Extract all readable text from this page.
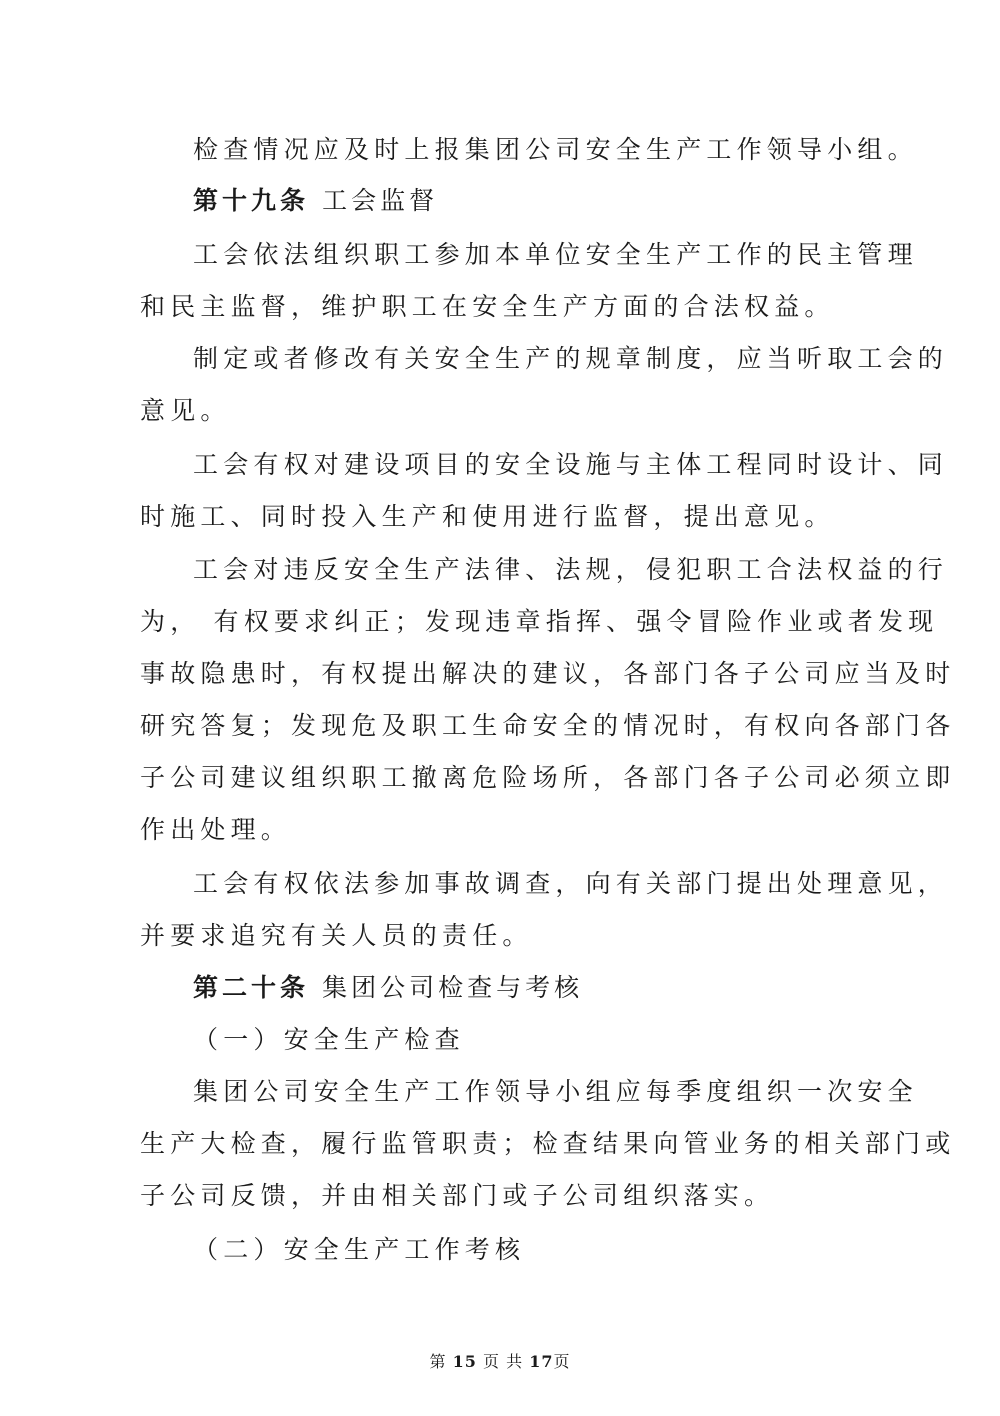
检查情况应及时上报集团公司安全生产工作领导小组。
第十九条 工会监督
工会依法组织职工参加本单位安全生产工作的民主管理
和民主监督，维护职工在安全生产方面的合法权益。
制定或者修改有关安全生产的规章制度，应当听取工会的
意见。
工会有权对建设项目的安全设施与主体工程同时设计、同
时施工、同时投入生产和使用进行监督，提出意见。
工会对违反安全生产法律、法规，侵犯职工合法权益的行
为， 有权要求纠正；发现违章指挥、强令冒险作业或者发现
事故隐患时，有权提出解决的建议，各部门各子公司应当及时
研究答复；发现危及职工生命安全的情况时，有权向各部门各
子公司建议组织职工撤离危险场所，各部门各子公司必须立即
作出处理。
工会有权依法参加事故调查，向有关部门提出处理意见，
并要求追究有关人员的责任。
第二十条 集团公司检查与考核
（一）安全生产检查
集团公司安全生产工作领导小组应每季度组织一次安全
生产大检查，履行监管职责；检查结果向管业务的相关部门或
子公司反馈，并由相关部门或子公司组织落实。
（二）安全生产工作考核
第 15 页 共 17页
